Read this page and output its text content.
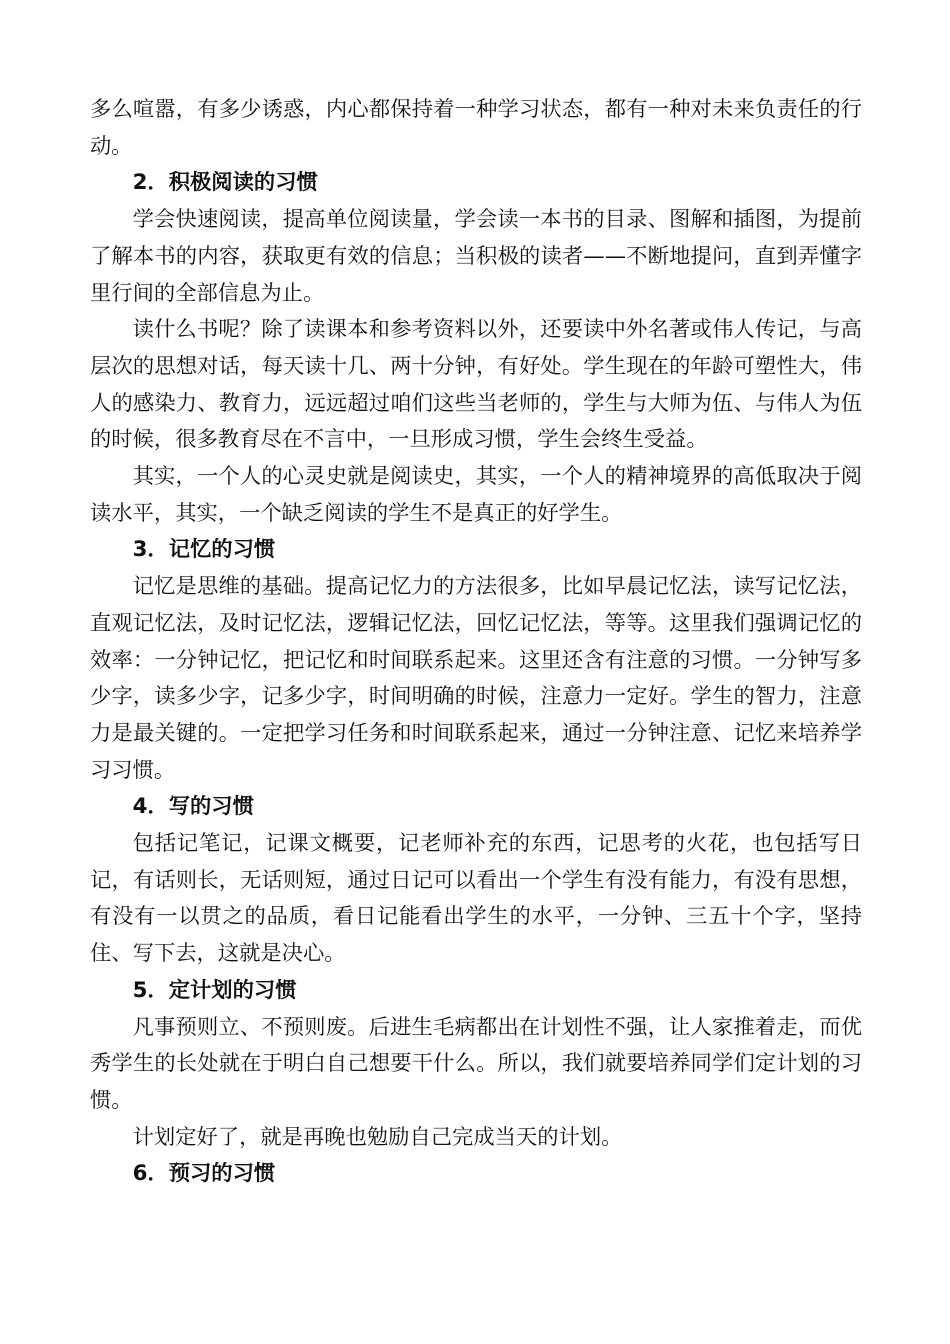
多么喧嚣，有多少诱惑，内心都保持着一种学习状态，都有一种对未来负责任的行动。

2．积极阅读的习惯

学会快速阅读，提高单位阅读量，学会读一本书的目录、图解和插图，为提前了解本书的内容，获取更有效的信息；当积极的读者——不断地提问，直到弄懂字里行间的全部信息为止。

读什么书呢？除了读课本和参考资料以外，还要读中外名著或伟人传记，与高层次的思想对话，每天读十几、两十分钟，有好处。学生现在的年龄可塑性大，伟人的感染力、教育力，远远超过咱们这些当老师的，学生与大师为伍、与伟人为伍的时候，很多教育尽在不言中，一旦形成习惯，学生会终生受益。

其实，一个人的心灵史就是阅读史，其实，一个人的精神境界的高低取决于阅读水平，其实，一个缺乏阅读的学生不是真正的好学生。

3．记忆的习惯

记忆是思维的基础。提高记忆力的方法很多，比如早晨记忆法，读写记忆法，直观记忆法，及时记忆法，逻辑记忆法，回忆记忆法，等等。这里我们强调记忆的效率：一分钟记忆，把记忆和时间联系起来。这里还含有注意的习惯。一分钟写多少字，读多少字，记多少字，时间明确的时候，注意力一定好。学生的智力，注意力是最关键的。一定把学习任务和时间联系起来，通过一分钟注意、记忆来培养学习习惯。

4．写的习惯

包括记笔记，记课文概要，记老师补充的东西，记思考的火花，也包括写日记，有话则长，无话则短，通过日记可以看出一个学生有没有能力，有没有思想，有没有一以贯之的品质，看日记能看出学生的水平，一分钟、三五十个字，坚持住、写下去，这就是决心。

5．定计划的习惯

凡事预则立、不预则废。后进生毛病都出在计划性不强，让人家推着走，而优秀学生的长处就在于明白自己想要干什么。所以，我们就要培养同学们定计划的习惯。

计划定好了，就是再晚也勉励自己完成当天的计划。

6．预习的习惯
